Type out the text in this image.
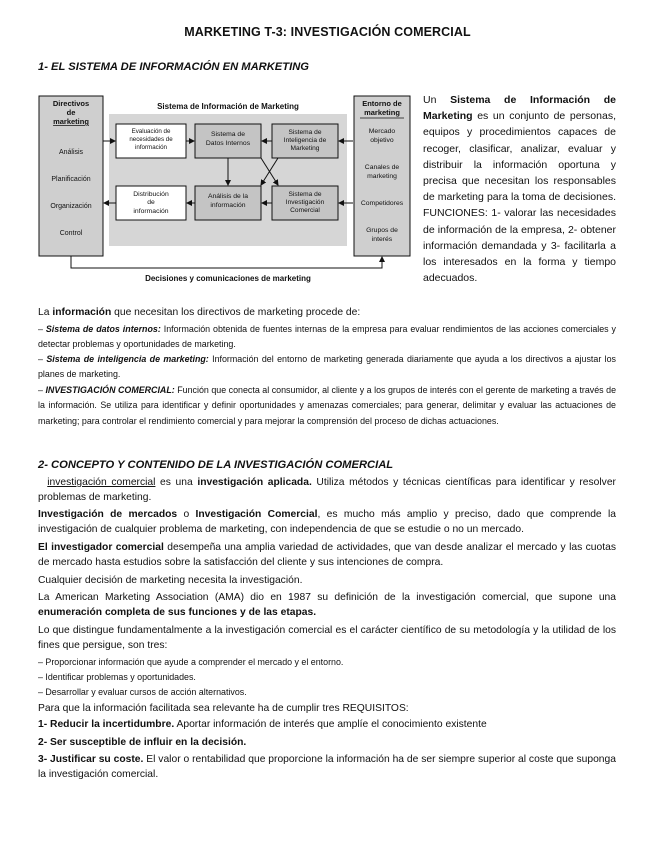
MARKETING T-3: INVESTIGACIÓN COMERCIAL
1- EL SISTEMA DE INFORMACIÓN EN MARKETING
Directivos
de
marketing
Análisis
Planificación
Organización
Control
Sistema de Información de Marketing
Evaluación de
necesidades de
información
Sistema de
Datos Internos
Sistema de
Inteligencia de
Marketing
Distribución
de
información
Análisis de la
información
Sistema de
Investigación
Comercial
Entorno de
marketing
Mercado
objetivo
Canales de
marketing
Competidores
Grupos de
interés
Decisiones y comunicaciones de marketing
Un Sistema de Información de Marketing es un conjunto de personas, equipos y procedimientos capaces de recoger, clasificar, analizar, evaluar y distribuir la información oportuna y precisa que necesitan los responsables de marketing para la toma de decisiones. FUNCIONES: 1- valorar las necesidades de información de la empresa, 2- obtener información demandada y 3- facilitarla a los interesados en la forma y tiempo adecuados.
La información que necesitan los directivos de marketing procede de:
– Sistema de datos internos: Información obtenida de fuentes internas de la empresa para evaluar rendimientos de las acciones comerciales y detectar problemas y oportunidades de marketing.
– Sistema de inteligencia de marketing: Información del entorno de marketing generada diariamente que ayuda a los directivos a ajustar los planes de marketing.
– INVESTIGACIÓN COMERCIAL: Función que conecta al consumidor, al cliente y a los grupos de interés con el gerente de marketing a través de la información. Se utiliza para identificar y definir oportunidades y amenazas comerciales; para generar, delimitar y evaluar las actuaciones de marketing; para controlar el rendimiento comercial y para mejorar la comprensión del proceso de dichas actuaciones.
2- CONCEPTO Y CONTENIDO DE LA INVESTIGACIÓN COMERCIAL
investigación comercial es una investigación aplicada. Utiliza métodos y técnicas científicas para identificar y resolver problemas de marketing.
Investigación de mercados o Investigación Comercial, es mucho más amplio y preciso, dado que comprende la investigación de cualquier problema de marketing, con independencia de que se estudie o no un mercado.
El investigador comercial desempeña una amplia variedad de actividades, que van desde analizar el mercado y las cuotas de mercado hasta estudios sobre la satisfacción del cliente y sus intenciones de compra.
Cualquier decisión de marketing necesita la investigación.
La American Marketing Association (AMA) dio en 1987 su definición de la investigación comercial, que supone una enumeración completa de sus funciones y de las etapas.
Lo que distingue fundamentalmente a la investigación comercial es el carácter científico de su metodología y la utilidad de los fines que persigue, son tres:
– Proporcionar información que ayude a comprender el mercado y el entorno.
– Identificar problemas y oportunidades.
– Desarrollar y evaluar cursos de acción alternativos.
Para que la información facilitada sea relevante ha de cumplir tres REQUISITOS:
1- Reducir la incertidumbre. Aportar información de interés que amplíe el conocimiento existente
2- Ser susceptible de influir en la decisión.
3- Justificar su coste. El valor o rentabilidad que proporcione la información ha de ser siempre superior al coste que suponga la investigación comercial.
